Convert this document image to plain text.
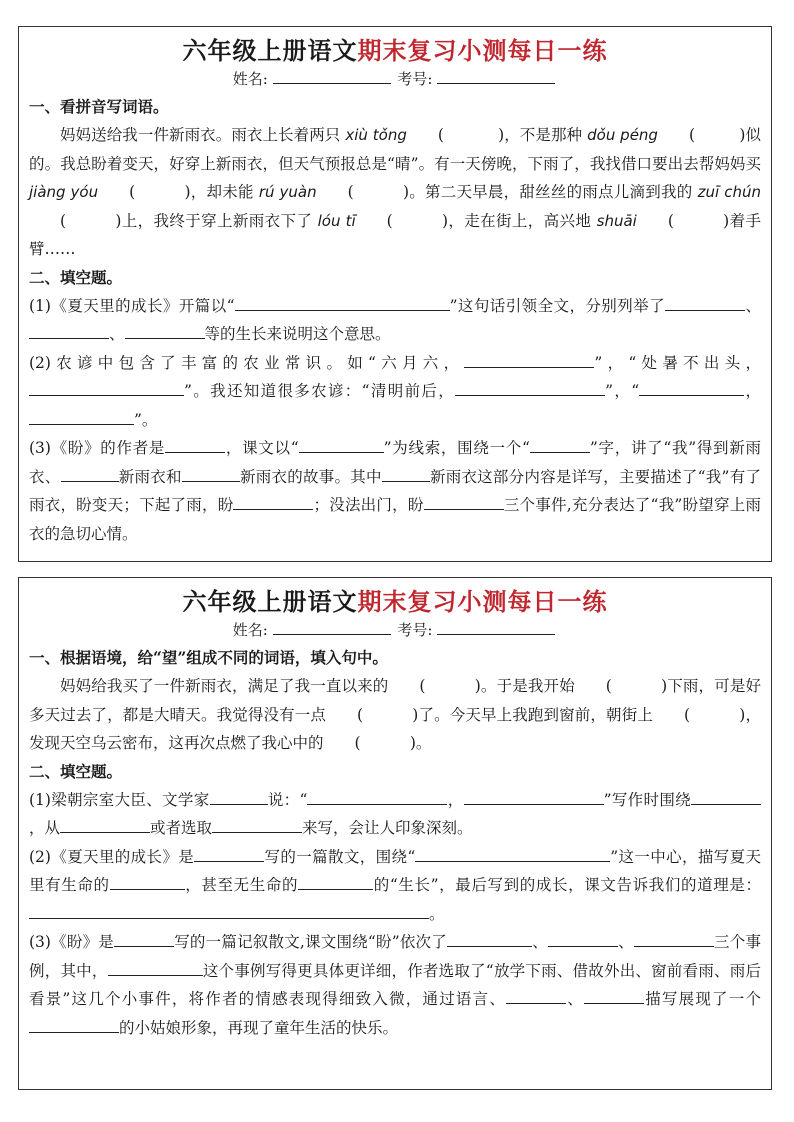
六年级上册语文期末复习小测每日一练
姓名:	考号:
一、看拼音写词语。
妈妈送给我一件新雨衣。雨衣上长着两只 xiù tǒng (           )，不是那种 dǒu péng (         )似的。我总盼着变天，好穿上新雨衣，但天气预报总是“晴”。有一天傍晚，下雨了，我找借口要出去帮妈妈买 jiàng yóu (          )，却未能 rú yuàn (          )。第二天早晨，甜丝丝的雨点儿滴到我的 zuī chún(          )上，我终于穿上新雨衣下了 lóu tī (          )，走在街上，高兴地 shuāi (          )着手臂……
二、填空题。
(1)《夏天里的成长》开篇以“	”这句话引领全文，分别列举了	、、	等的生长来说明这个意思。
(2)农谚中包含了丰富的农业常识。如“六月六，	”，“处暑不出头，”。我还知道很多农谚：“清明前后，	”，“	，”。
(3)《盼》的作者是	，课文以“	”为线索，围绕一个“	”字，讲了“我”得到新雨衣、	新雨衣和	新雨衣的故事。其中	新雨衣这部分内容是详写，主要描述了“我”有了雨衣，盼变天；下起了雨，盼	；没法出门，盼	三个事件,充分表达了“我”盼望穿上雨衣的急切心情。
六年级上册语文期末复习小测每日一练
姓名:	考号:
一、根据语境，给“望”组成不同的词语，填入句中。
妈妈给我买了一件新雨衣，满足了我一直以来的 (          )。于是我开始 (          )下雨，可是好多天过去了，都是大晴天。我觉得没有一点 (          )了。今天早上我跑到窗前，朝街上 (          )，发现天空乌云密布，这再次点燃了我心中的 (          )。
二、填空题。
(1)梁朝宗室大臣、文学家	说：“	，	”写作时围绕，从	或者选取	来写，会让人印象深刻。
(2)《夏天里的成长》是	写的一篇散文，围绕“	”这一中心，描写夏天里有生命的	，甚至无生命的	的“生长”，最后写到的成长，课文告诉我们的道理是：。
(3)《盼》是	写的一篇记叙散文,课文围绕“盼”依次了	、	、	三个事例，其中，	这个事例写得更具体更详细，作者选取了“放学下雨、借故外出、窗前看雨、雨后看景”这几个小事件，将作者的情感表现得细致入微，通过语言、	、	描写展现了一个的小姑娘形象，再现了童年生活的快乐。
